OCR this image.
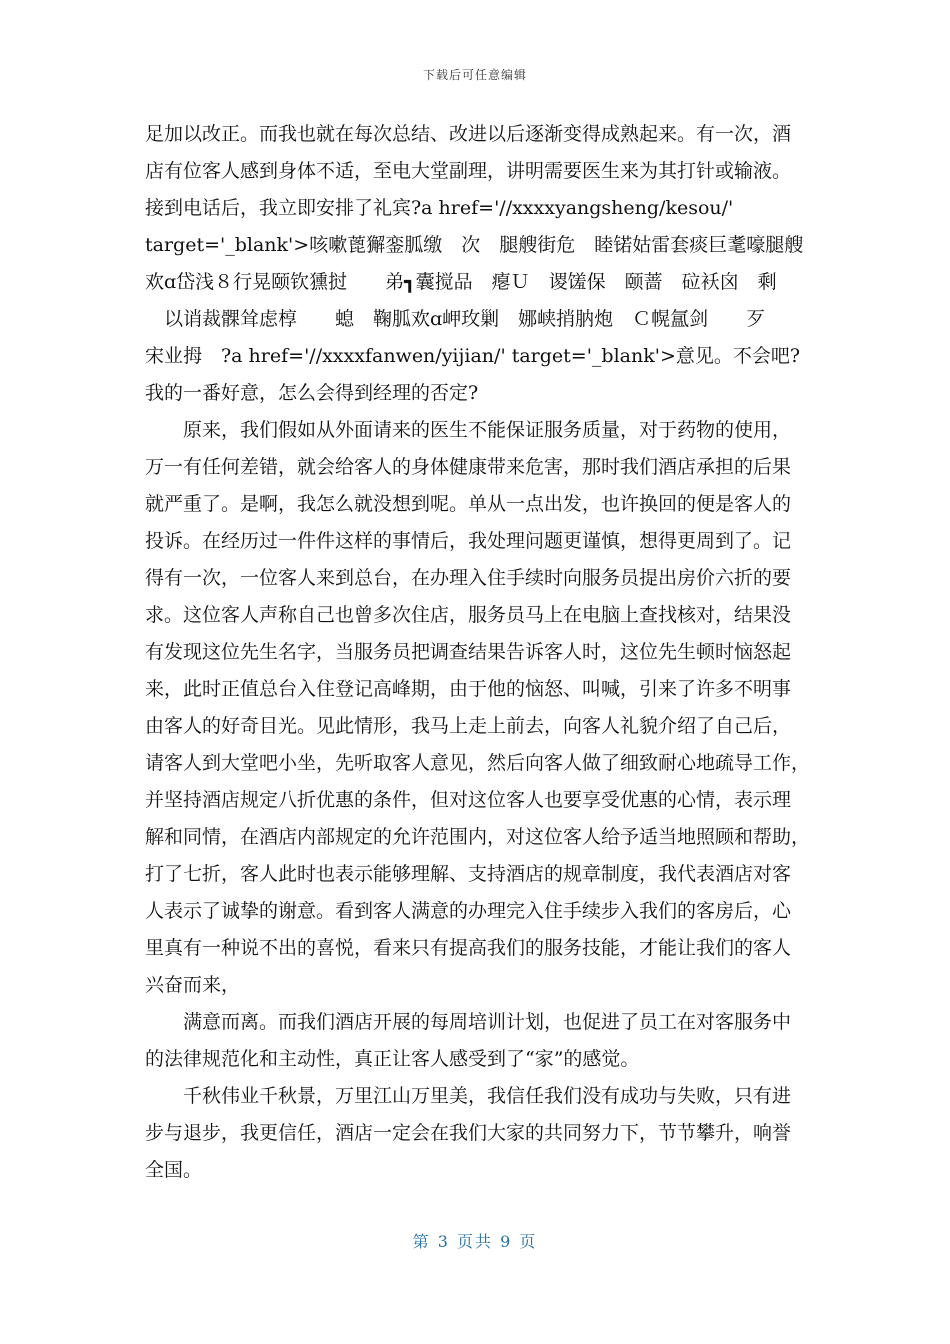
下载后可任意编辑
足加以改正。而我也就在每次总结、改进以后逐渐变得成熟起来。有一次，酒
店有位客人感到身体不适，至电大堂副理，讲明需要医生来为其打针或输液。
接到电话后，我立即安排了礼宾?a href='//xxxxyangsheng/kesou/'
target='_blank'>咳嗽蓖獬銮胍缴　次　腿艘街危　睦锘姑雷套痰巨耄嚎腿艘
欢ɑ岱浅８行晃颐钦獯挝　　弟┓囊搅品　瘪Ｕ　谡馐保　颐蔷　砬袄囟　剩
　以诮裁髁耸虑椁　　螅　鞠胍欢ɑ岬玫剿　娜峡捎肭炮　Ｃ幌氲剑　　歹
宋业拇　?a href='//xxxxfanwen/yijian/' target='_blank'>意见。不会吧?
我的一番好意，怎么会得到经理的否定?
　　原来，我们假如从外面请来的医生不能保证服务质量，对于药物的使用，
万一有任何差错，就会给客人的身体健康带来危害，那时我们酒店承担的后果
就严重了。是啊，我怎么就没想到呢。单从一点出发，也许换回的便是客人的
投诉。在经历过一件件这样的事情后，我处理问题更谨慎，想得更周到了。记
得有一次，一位客人来到总台，在办理入住手续时向服务员提出房价六折的要
求。这位客人声称自己也曾多次住店，服务员马上在电脑上查找核对，结果没
有发现这位先生名字，当服务员把调查结果告诉客人时，这位先生顿时恼怒起
来，此时正值总台入住登记高峰期，由于他的恼怒、叫喊，引来了许多不明事
由客人的好奇目光。见此情形，我马上走上前去，向客人礼貌介绍了自己后，
请客人到大堂吧小坐，先听取客人意见，然后向客人做了细致耐心地疏导工作，
并坚持酒店规定八折优惠的条件，但对这位客人也要享受优惠的心情，表示理
解和同情，在酒店内部规定的允许范围内，对这位客人给予适当地照顾和帮助，
打了七折，客人此时也表示能够理解、支持酒店的规章制度，我代表酒店对客
人表示了诚挚的谢意。看到客人满意的办理完入住手续步入我们的客房后，心
里真有一种说不出的喜悦，看来只有提高我们的服务技能，才能让我们的客人
兴奋而来，
　　满意而离。而我们酒店开展的每周培训计划，也促进了员工在对客服务中
的法律规范化和主动性，真正让客人感受到了“家”的感觉。
　　千秋伟业千秋景，万里江山万里美，我信任我们没有成功与失败，只有进
步与退步，我更信任，酒店一定会在我们大家的共同努力下，节节攀升，响誉
全国。
第 3 页共 9 页
